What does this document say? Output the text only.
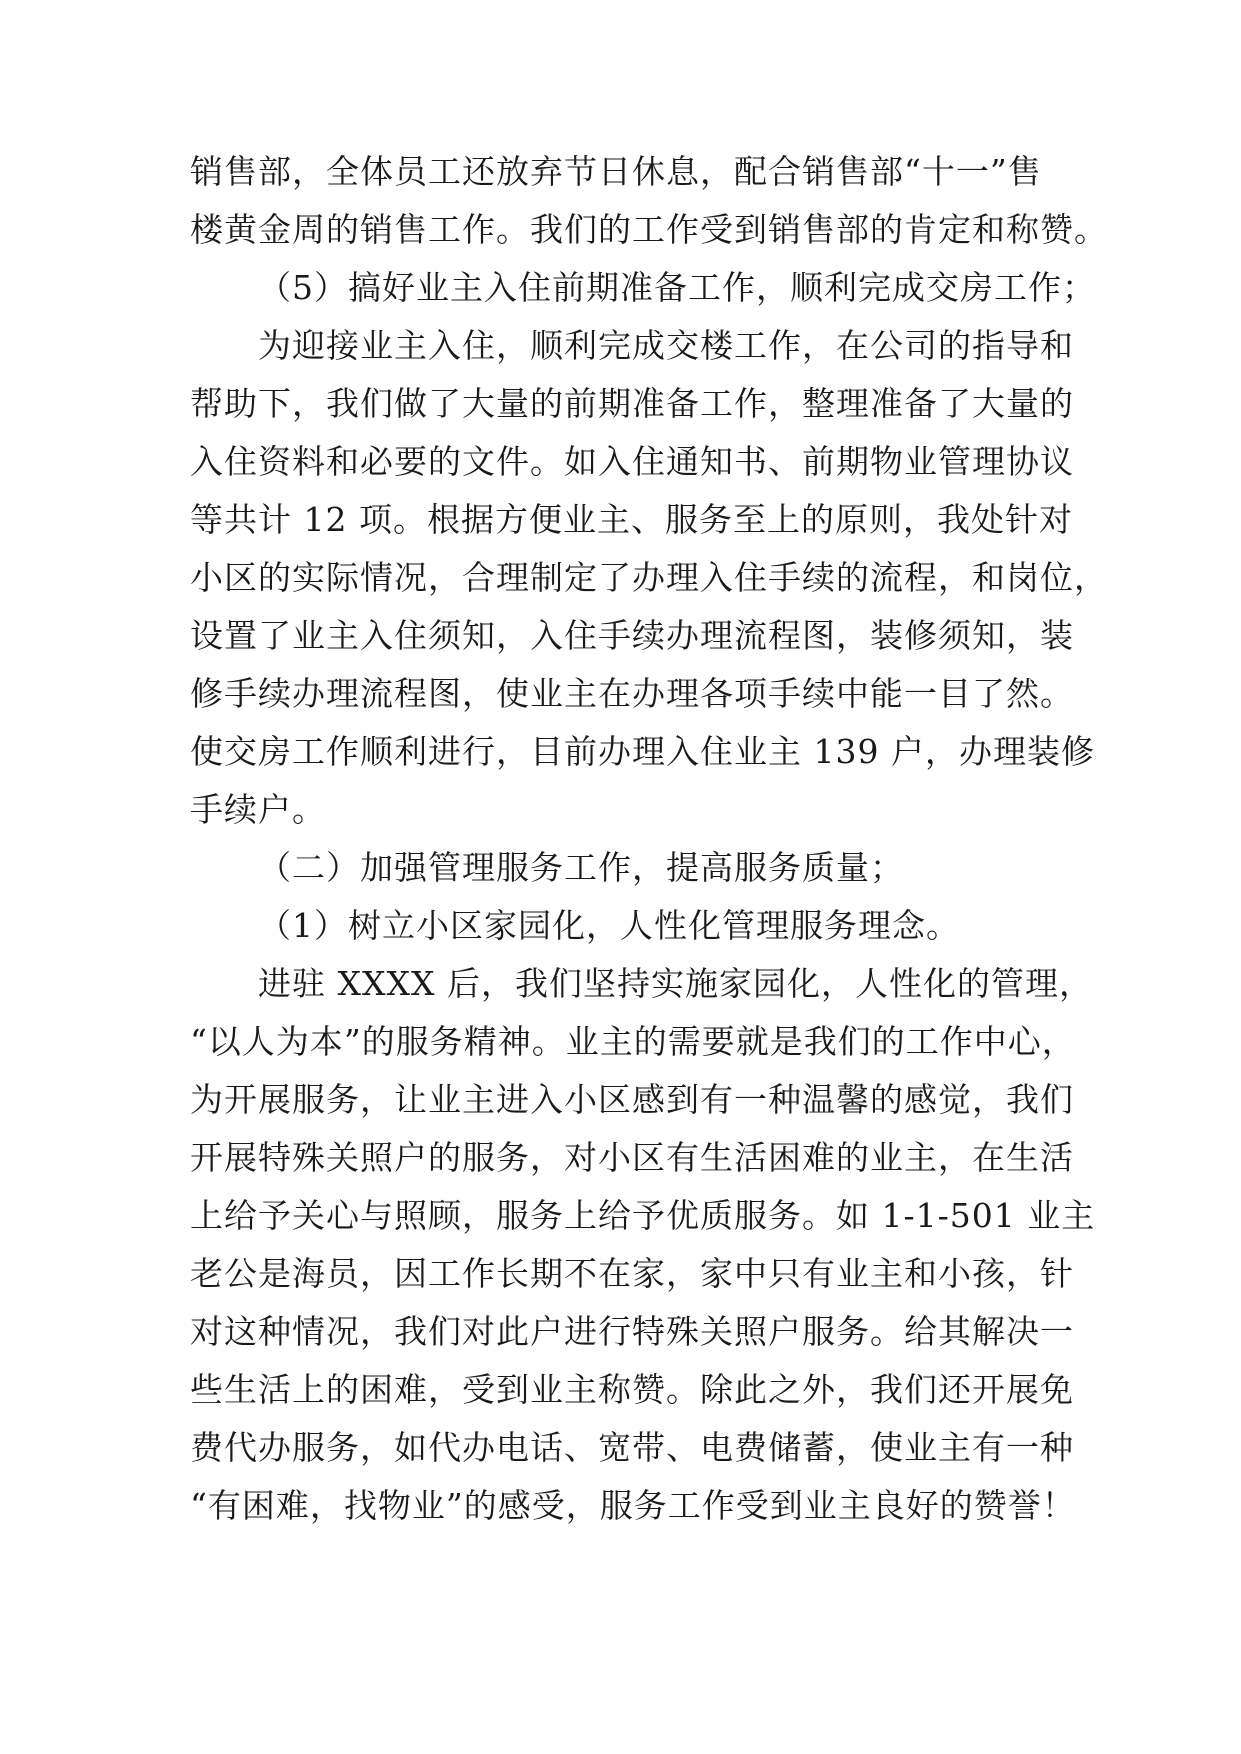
销售部，全体员工还放弃节日休息，配合销售部“十一”售
楼黄金周的销售工作。我们的工作受到销售部的肯定和称赞。
（5）搞好业主入住前期准备工作，顺利完成交房工作；
为迎接业主入住，顺利完成交楼工作，在公司的指导和
帮助下，我们做了大量的前期准备工作，整理准备了大量的
入住资料和必要的文件。如入住通知书、前期物业管理协议
等共计 12 项。根据方便业主、服务至上的原则，我处针对
小区的实际情况，合理制定了办理入住手续的流程，和岗位，
设置了业主入住须知，入住手续办理流程图，装修须知，装
修手续办理流程图，使业主在办理各项手续中能一目了然。
使交房工作顺利进行，目前办理入住业主 139 户，办理装修
手续户。
（二）加强管理服务工作，提高服务质量；
（1）树立小区家园化，人性化管理服务理念。
进驻 XXXX 后，我们坚持实施家园化，人性化的管理，
“以人为本”的服务精神。业主的需要就是我们的工作中心，
为开展服务，让业主进入小区感到有一种温馨的感觉，我们
开展特殊关照户的服务，对小区有生活困难的业主，在生活
上给予关心与照顾，服务上给予优质服务。如 1-1-501 业主
老公是海员，因工作长期不在家，家中只有业主和小孩，针
对这种情况，我们对此户进行特殊关照户服务。给其解决一
些生活上的困难，受到业主称赞。除此之外，我们还开展免
费代办服务，如代办电话、宽带、电费储蓄，使业主有一种
“有困难，找物业”的感受，服务工作受到业主良好的赞誉！
